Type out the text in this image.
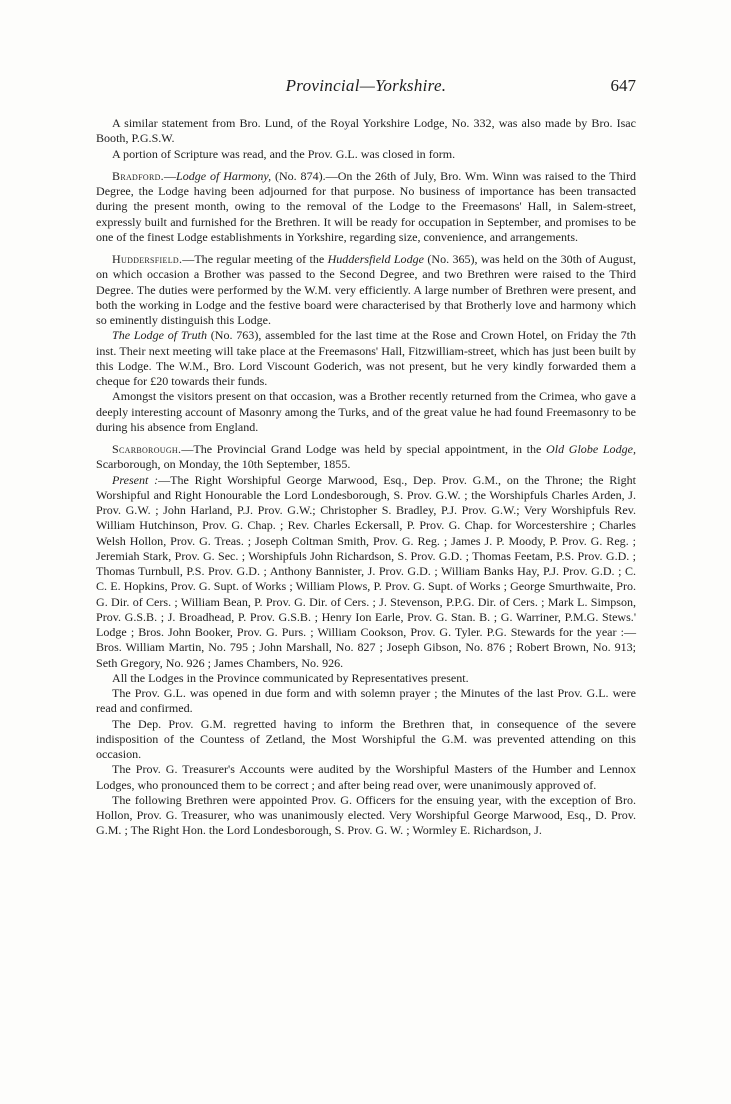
Provincial—Yorkshire.	647

A similar statement from Bro. Lund, of the Royal Yorkshire Lodge, No. 332, was also made by Bro. Isac Booth, P.G.S.W.

A portion of Scripture was read, and the Prov. G.L. was closed in form.

Bradford.—Lodge of Harmony, (No. 874).—On the 26th of July, Bro. Wm. Winn was raised to the Third Degree, the Lodge having been adjourned for that purpose. No business of importance has been transacted during the present month, owing to the removal of the Lodge to the Freemasons' Hall, in Salem-street, expressly built and furnished for the Brethren. It will be ready for occupation in September, and promises to be one of the finest Lodge establishments in Yorkshire, regarding size, convenience, and arrangements.

Huddersfield.—The regular meeting of the Huddersfield Lodge (No. 365), was held on the 30th of August, on which occasion a Brother was passed to the Second Degree, and two Brethren were raised to the Third Degree. The duties were performed by the W.M. very efficiently. A large number of Brethren were present, and both the working in Lodge and the festive board were characterised by that Brotherly love and harmony which so eminently distinguish this Lodge.

The Lodge of Truth (No. 763), assembled for the last time at the Rose and Crown Hotel, on Friday the 7th inst. Their next meeting will take place at the Freemasons' Hall, Fitzwilliam-street, which has just been built by this Lodge. The W.M., Bro. Lord Viscount Goderich, was not present, but he very kindly forwarded them a cheque for £20 towards their funds.

Amongst the visitors present on that occasion, was a Brother recently returned from the Crimea, who gave a deeply interesting account of Masonry among the Turks, and of the great value he had found Freemasonry to be during his absence from England.

Scarborough.—The Provincial Grand Lodge was held by special appointment, in the Old Globe Lodge, Scarborough, on Monday, the 10th September, 1855.

Present :—The Right Worshipful George Marwood, Esq., Dep. Prov. G.M., on the Throne; the Right Worshipful and Right Honourable the Lord Londesborough, S. Prov. G.W. ; the Worshipfuls Charles Arden, J. Prov. G.W. ; John Harland, P.J. Prov. G.W.; Christopher S. Bradley, P.J. Prov. G.W.; Very Worshipfuls Rev. William Hutchinson, Prov. G. Chap. ; Rev. Charles Eckersall, P. Prov. G. Chap. for Worcestershire ; Charles Welsh Hollon, Prov. G. Treas. ; Joseph Coltman Smith, Prov. G. Reg. ; James J. P. Moody, P. Prov. G. Reg. ; Jeremiah Stark, Prov. G. Sec. ; Worshipfuls John Richardson, S. Prov. G.D. ; Thomas Feetam, P.S. Prov. G.D. ; Thomas Turnbull, P.S. Prov. G.D. ; Anthony Bannister, J. Prov. G.D. ; William Banks Hay, P.J. Prov. G.D. ; C. C. E. Hopkins, Prov. G. Supt. of Works ; William Plows, P. Prov. G. Supt. of Works ; George Smurthwaite, Pro. G. Dir. of Cers. ; William Bean, P. Prov. G. Dir. of Cers. ; J. Stevenson, P.P.G. Dir. of Cers. ; Mark L. Simpson, Prov. G.S.B. ; J. Broadhead, P. Prov. G.S.B. ; Henry Ion Earle, Prov. G. Stan. B. ; G. Warriner, P.M.G. Stews.' Lodge ; Bros. John Booker, Prov. G. Purs. ; William Cookson, Prov. G. Tyler. P.G. Stewards for the year :—Bros. William Martin, No. 795 ; John Marshall, No. 827 ; Joseph Gibson, No. 876 ; Robert Brown, No. 913; Seth Gregory, No. 926 ; James Chambers, No. 926.

All the Lodges in the Province communicated by Representatives present.

The Prov. G.L. was opened in due form and with solemn prayer ; the Minutes of the last Prov. G.L. were read and confirmed.

The Dep. Prov. G.M. regretted having to inform the Brethren that, in consequence of the severe indisposition of the Countess of Zetland, the Most Worshipful the G.M. was prevented attending on this occasion.

The Prov. G. Treasurer's Accounts were audited by the Worshipful Masters of the Humber and Lennox Lodges, who pronounced them to be correct ; and after being read over, were unanimously approved of.

The following Brethren were appointed Prov. G. Officers for the ensuing year, with the exception of Bro. Hollon, Prov. G. Treasurer, who was unanimously elected. Very Worshipful George Marwood, Esq., D. Prov. G.M. ; The Right Hon. the Lord Londesborough, S. Prov. G. W. ; Wormley E. Richardson, J.
